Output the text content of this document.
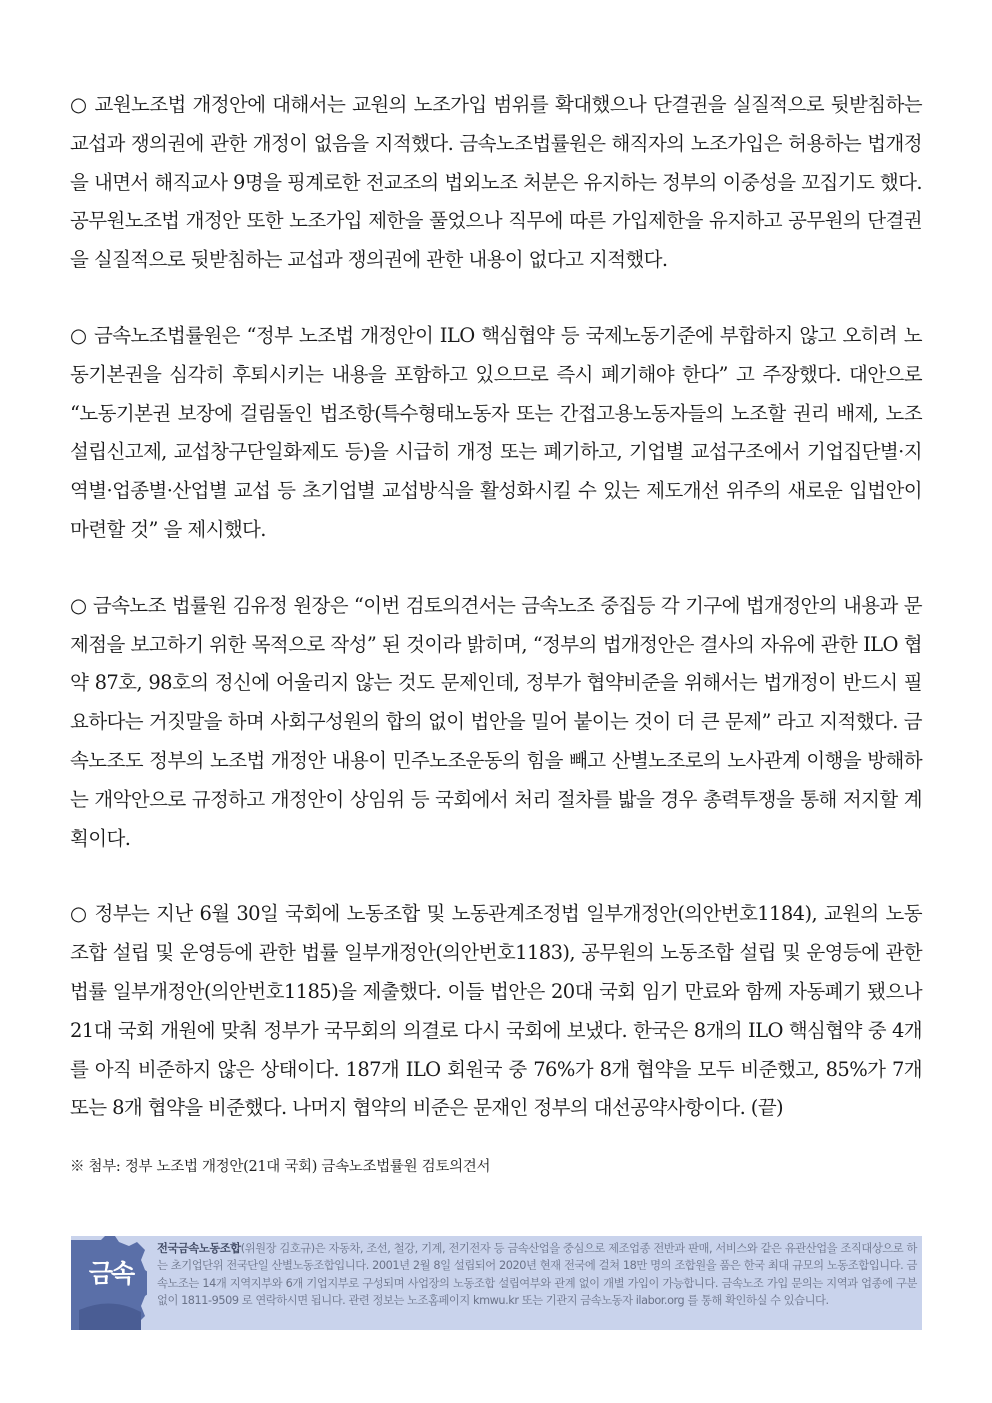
○ 교원노조법 개정안에 대해서는 교원의 노조가입 범위를 확대했으나 단결권을 실질적으로 뒷받침하는 교섭과 쟁의권에 관한 개정이 없음을 지적했다. 금속노조법률원은 해직자의 노조가입은 허용하는 법개정을 내면서 해직교사 9명을 핑계로한 전교조의 법외노조 처분은 유지하는 정부의 이중성을 꼬집기도 했다. 공무원노조법 개정안 또한 노조가입 제한을 풀었으나 직무에 따른 가입제한을 유지하고 공무원의 단결권을 실질적으로 뒷받침하는 교섭과 쟁의권에 관한 내용이 없다고 지적했다.

○ 금속노조법률원은 “정부 노조법 개정안이 ILO 핵심협약 등 국제노동기준에 부합하지 않고 오히려 노동기본권을 심각히 후퇴시키는 내용을 포함하고 있으므로 즉시 폐기해야 한다” 고 주장했다. 대안으로 “노동기본권 보장에 걸림돌인 법조항(특수형태노동자 또는 간접고용노동자들의 노조할 권리 배제, 노조설립신고제, 교섭창구단일화제도 등)을 시급히 개정 또는 폐기하고, 기업별 교섭구조에서 기업집단별·지역별·업종별·산업별 교섭 등 초기업별 교섭방식을 활성화시킬 수 있는 제도개선 위주의 새로운 입법안이 마련할 것” 을 제시했다.

○ 금속노조 법률원 김유정 원장은 “이번 검토의견서는 금속노조 중집등 각 기구에 법개정안의 내용과 문제점을 보고하기 위한 목적으로 작성” 된 것이라 밝히며, “정부의 법개정안은 결사의 자유에 관한 ILO 협약 87호, 98호의 정신에 어울리지 않는 것도 문제인데, 정부가 협약비준을 위해서는 법개정이 반드시 필요하다는 거짓말을 하며 사회구성원의 합의 없이 법안을 밀어 붙이는 것이 더 큰 문제” 라고 지적했다. 금속노조도 정부의 노조법 개정안 내용이 민주노조운동의 힘을 빼고 산별노조로의 노사관계 이행을 방해하는 개악안으로 규정하고 개정안이 상임위 등 국회에서 처리 절차를 밟을 경우 총력투쟁을 통해 저지할 계획이다.

○ 정부는 지난 6월 30일 국회에 노동조합 및 노동관계조정법 일부개정안(의안번호1184), 교원의 노동조합 설립 및 운영등에 관한 법률 일부개정안(의안번호1183), 공무원의 노동조합 설립 및 운영등에 관한 법률 일부개정안(의안번호1185)을 제출했다. 이들 법안은 20대 국회 임기 만료와 함께 자동폐기 됐으나 21대 국회 개원에 맞춰 정부가 국무회의 의결로 다시 국회에 보냈다. 한국은 8개의 ILO 핵심협약 중 4개를 아직 비준하지 않은 상태이다. 187개 ILO 회원국 중 76%가 8개 협약을 모두 비준했고, 85%가 7개 또는 8개 협약을 비준했다. 나머지 협약의 비준은 문재인 정부의 대선공약사항이다. (끝)

※ 첨부: 정부 노조법 개정안(21대 국회) 금속노조법률원 검토의견서

금속
전국금속노동조합(위원장 김호규)은 자동차, 조선, 철강, 기계, 전기전자 등 금속산업을 중심으로 제조업종 전반과 판매, 서비스와 같은 유관산업을 조직대상으로 하는 초기업단위 전국단일 산별노동조합입니다. 2001년 2월 8일 설립되어 2020년 현재 전국에 걸쳐 18만 명의 조합원을 품은 한국 최대 규모의 노동조합입니다. 금속노조는 14개 지역지부와 6개 기업지부로 구성되며 사업장의 노동조합 설립여부와 관계 없이 개별 가입이 가능합니다. 금속노조 가입 문의는 지역과 업종에 구분 없이 1811-9509 로 연락하시면 됩니다. 관련 정보는 노조홈페이지 kmwu.kr 또는 기관지 금속노동자 ilabor.org 를 통해 확인하실 수 있습니다.
